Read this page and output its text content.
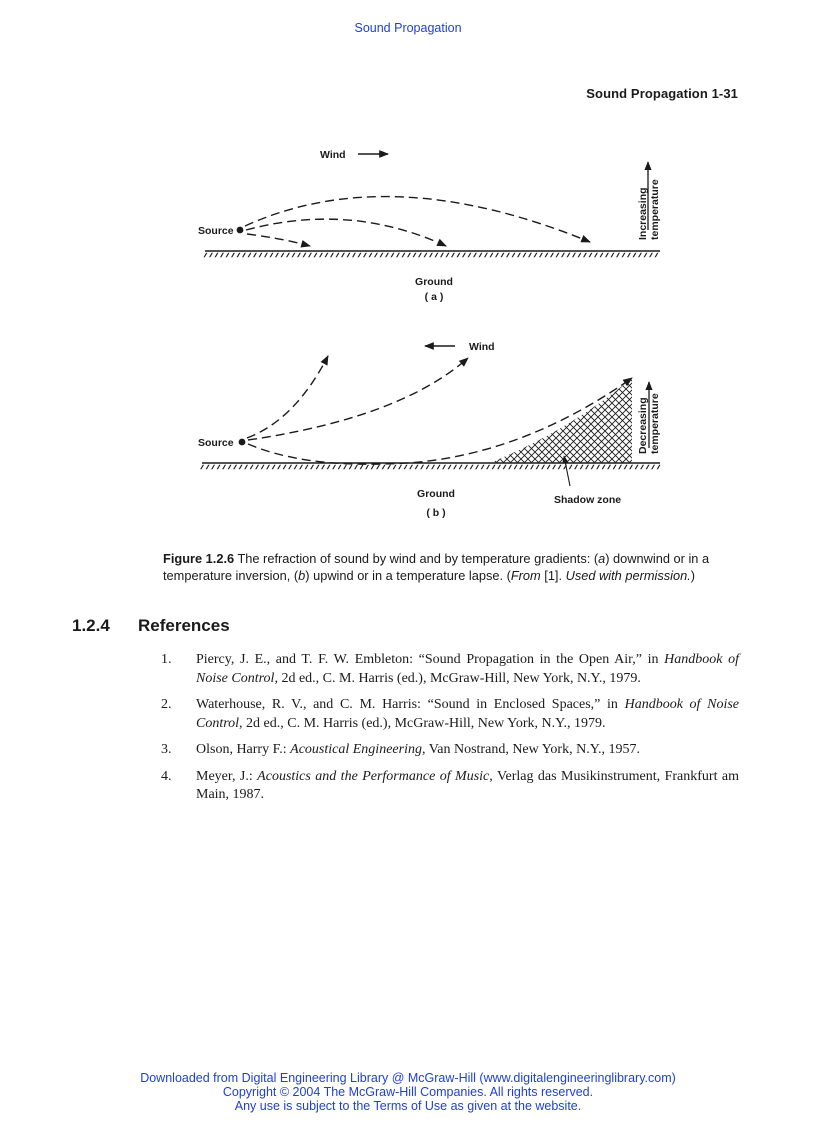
Sound Propagation
Sound Propagation 1-31
Wind
Source	Increasing temperature
Ground
( a )
Wind
Source	Decreasing temperature
Shadow zone
Ground
( b )
Figure 1.2.6 The refraction of sound by wind and by temperature gradients: (a) downwind or in a temperature inversion, (b) upwind or in a temperature lapse. (From [1]. Used with permission.)
1.2.4 References
1. Piercy, J. E., and T. F. W. Embleton: “Sound Propagation in the Open Air,” in Handbook of Noise Control, 2d ed., C. M. Harris (ed.), McGraw-Hill, New York, N.Y., 1979.
2. Waterhouse, R. V., and C. M. Harris: “Sound in Enclosed Spaces,” in Handbook of Noise Control, 2d ed., C. M. Harris (ed.), McGraw-Hill, New York, N.Y., 1979.
3. Olson, Harry F.: Acoustical Engineering, Van Nostrand, New York, N.Y., 1957.
4. Meyer, J.: Acoustics and the Performance of Music, Verlag das Musikinstrument, Frankfurt am Main, 1987.
Downloaded from Digital Engineering Library @ McGraw-Hill (www.digitalengineeringlibrary.com)
Copyright © 2004 The McGraw-Hill Companies. All rights reserved.
Any use is subject to the Terms of Use as given at the website.
